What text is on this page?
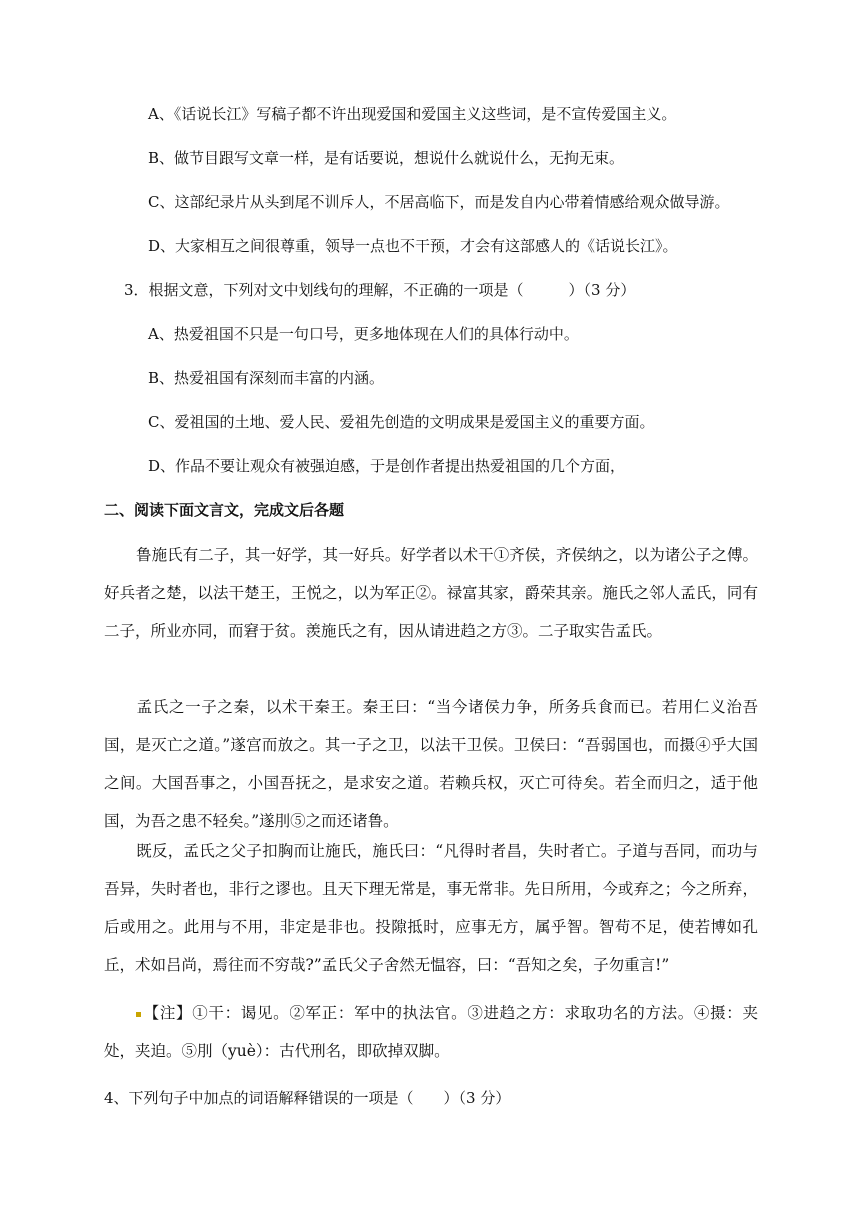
A、《话说长江》写稿子都不许出现爱国和爱国主义这些词，是不宣传爱国主义。
B、做节目跟写文章一样，是有话要说，想说什么就说什么，无拘无束。
C、这部纪录片从头到尾不训斥人，不居高临下，而是发自内心带着情感给观众做导游。
D、大家相互之间很尊重，领导一点也不干预，才会有这部感人的《话说长江》。
3．根据文意，下列对文中划线句的理解，不正确的一项是（　　　）（3 分）
A、热爱祖国不只是一句口号，更多地体现在人们的具体行动中。
B、热爱祖国有深刻而丰富的内涵。
C、爱祖国的土地、爱人民、爱祖先创造的文明成果是爱国主义的重要方面。
D、作品不要让观众有被强迫感，于是创作者提出热爱祖国的几个方面，
二、阅读下面文言文，完成文后各题
鲁施氏有二子，其一好学，其一好兵。好学者以术干①齐侯，齐侯纳之，以为诸公子之傅。好兵者之楚，以法干楚王，王悦之，以为军正②。禄富其家，爵荣其亲。施氏之邻人孟氏，同有二子，所业亦同，而窘于贫。羡施氏之有，因从请进趋之方③。二子取实告孟氏。
孟氏之一子之秦，以术干秦王。秦王曰：“当今诸侯力争，所务兵食而已。若用仁义治吾国，是灭亡之道。”遂宫而放之。其一子之卫，以法干卫侯。卫侯曰：“吾弱国也，而摄④乎大国之间。大国吾事之，小国吾抚之，是求安之道。若赖兵权，灭亡可待矣。若全而归之，适于他国，为吾之患不轻矣。”遂刖⑤之而还诸鲁。
既反，孟氏之父子扣胸而让施氏，施氏曰：“凡得时者昌，失时者亡。子道与吾同，而功与吾异，失时者也，非行之谬也。且天下理无常是，事无常非。先日所用，今或弃之；今之所弃，后或用之。此用与不用，非定是非也。投隙抵时，应事无方，属乎智。智苟不足，使若博如孔丘，术如吕尚，焉往而不穷哉?”孟氏父子舍然无愠容，曰：“吾知之矣，子勿重言!”
【注】①干：谒见。②军正：军中的执法官。③进趋之方：求取功名的方法。④摄：夹处，夹迫。⑤刖（yuè）：古代刑名，即砍掉双脚。
4、下列句子中加点的词语解释错误的一项是（　　）（3 分）
